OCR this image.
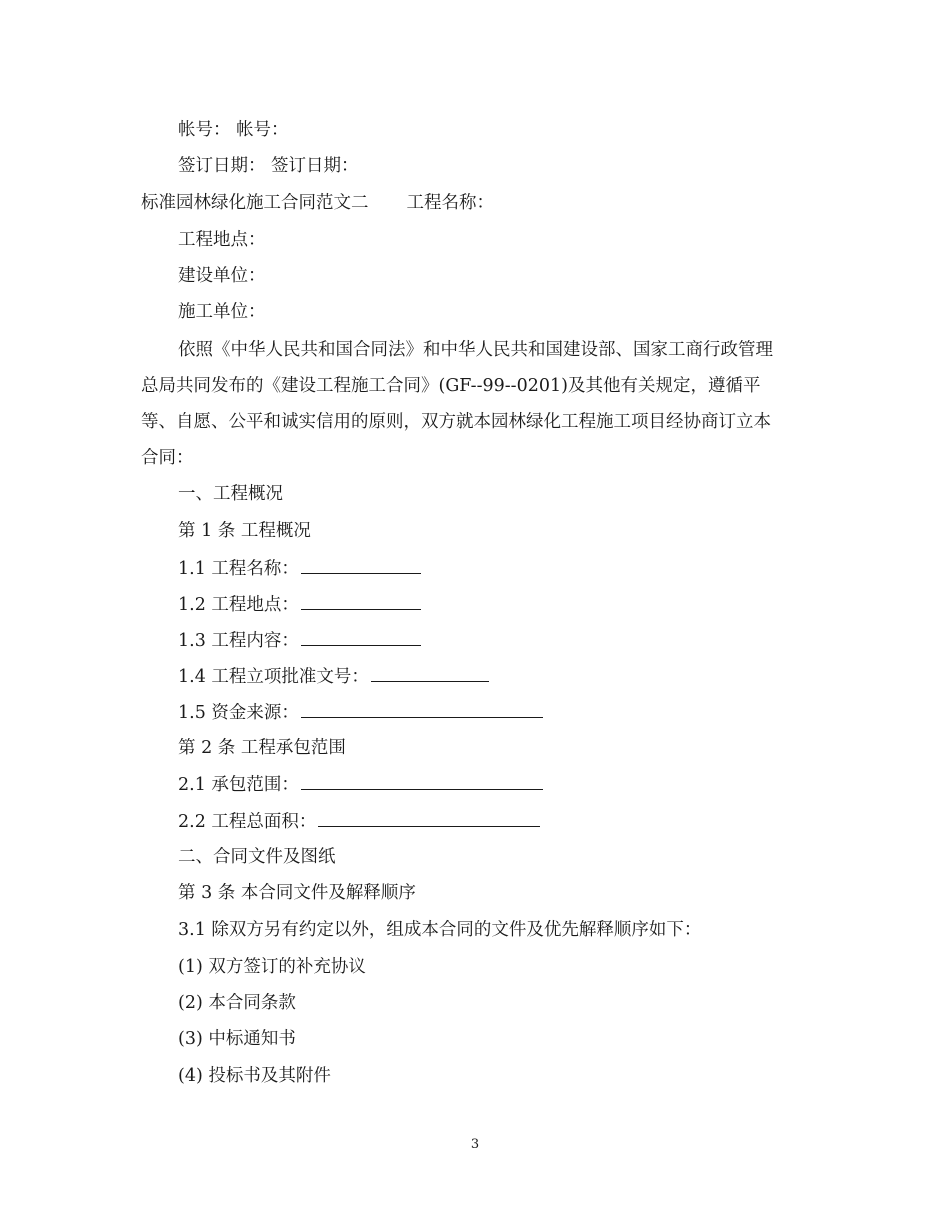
帐号： 帐号：
签订日期： 签订日期：
标准园林绿化施工合同范文二 工程名称：
工程地点：
建设单位：
施工单位：
依照《中华人民共和国合同法》和中华人民共和国建设部、国家工商行政管理
总局共同发布的《建设工程施工合同》(GF--99--0201)及其他有关规定，遵循平
等、自愿、公平和诚实信用的原则，双方就本园林绿化工程施工项目经协商订立本
合同：
一、工程概况
第 1 条 工程概况
1.1 工程名称：
1.2 工程地点：
1.3 工程内容：
1.4 工程立项批准文号：
1.5 资金来源：
第 2 条 工程承包范围
2.1 承包范围：
2.2 工程总面积：
二、合同文件及图纸
第 3 条 本合同文件及解释顺序
3.1 除双方另有约定以外，组成本合同的文件及优先解释顺序如下：
(1) 双方签订的补充协议
(2) 本合同条款
(3) 中标通知书
(4) 投标书及其附件
3
